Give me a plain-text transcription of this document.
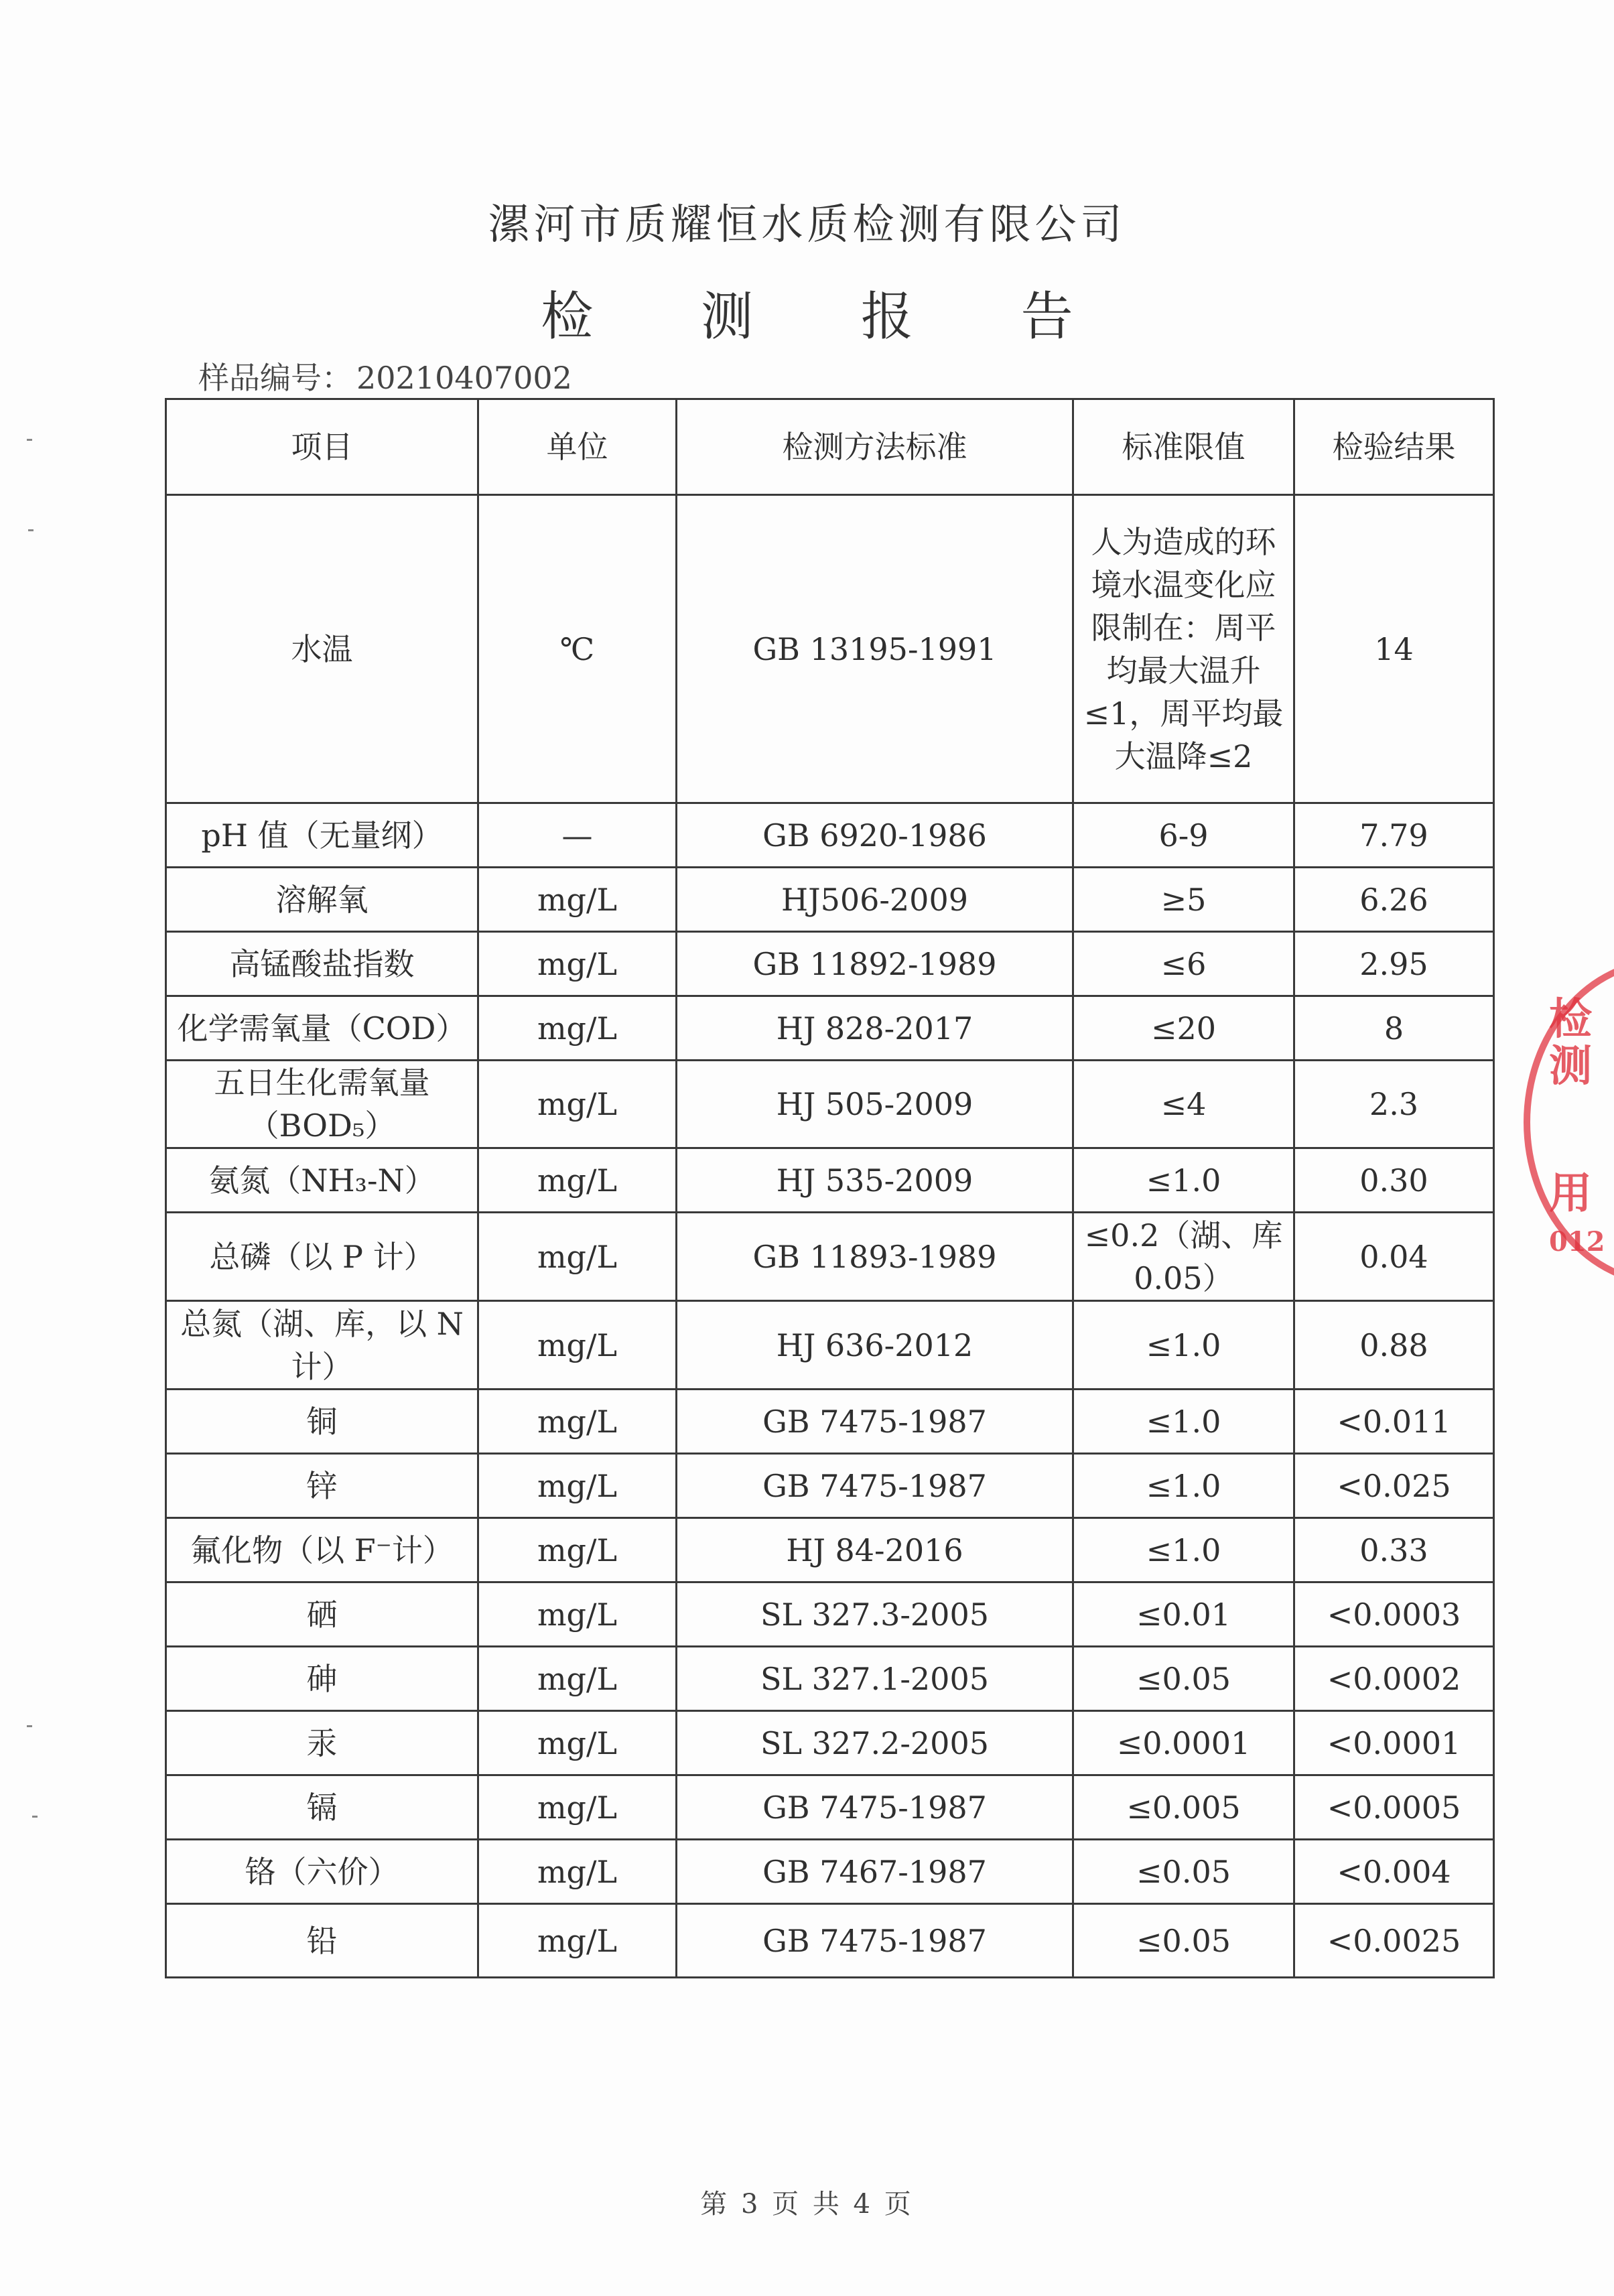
漯河市质耀恒水质检测有限公司
检 测 报 告
样品编号： 20210407002
项目	单位	检测方法标准	标准限值	检验结果
水温	℃	GB 13195-1991	人为造成的环境水温变化应限制在：周平均最大温升≤1，周平均最大温降≤2	14
pH 值（无量纲）	—	GB 6920-1986	6-9	7.79
溶解氧	mg/L	HJ506-2009	≥5	6.26
高锰酸盐指数	mg/L	GB 11892-1989	≤6	2.95
化学需氧量（COD）	mg/L	HJ 828-2017	≤20	8
五日生化需氧量（BOD₅）	mg/L	HJ 505-2009	≤4	2.3
氨氮（NH₃-N）	mg/L	HJ 535-2009	≤1.0	0.30
总磷（以 P 计）	mg/L	GB 11893-1989	≤0.2（湖、库 0.05）	0.04
总氮（湖、库，以 N 计）	mg/L	HJ 636-2012	≤1.0	0.88
铜	mg/L	GB 7475-1987	≤1.0	<0.011
锌	mg/L	GB 7475-1987	≤1.0	<0.025
氟化物（以 F⁻计）	mg/L	HJ 84-2016	≤1.0	0.33
硒	mg/L	SL 327.3-2005	≤0.01	<0.0003
砷	mg/L	SL 327.1-2005	≤0.05	<0.0002
汞	mg/L	SL 327.2-2005	≤0.0001	<0.0001
镉	mg/L	GB 7475-1987	≤0.005	<0.0005
铬（六价）	mg/L	GB 7467-1987	≤0.05	<0.004
铅	mg/L	GB 7475-1987	≤0.05	<0.0025
第 3 页 共 4 页
检
测
用
012
